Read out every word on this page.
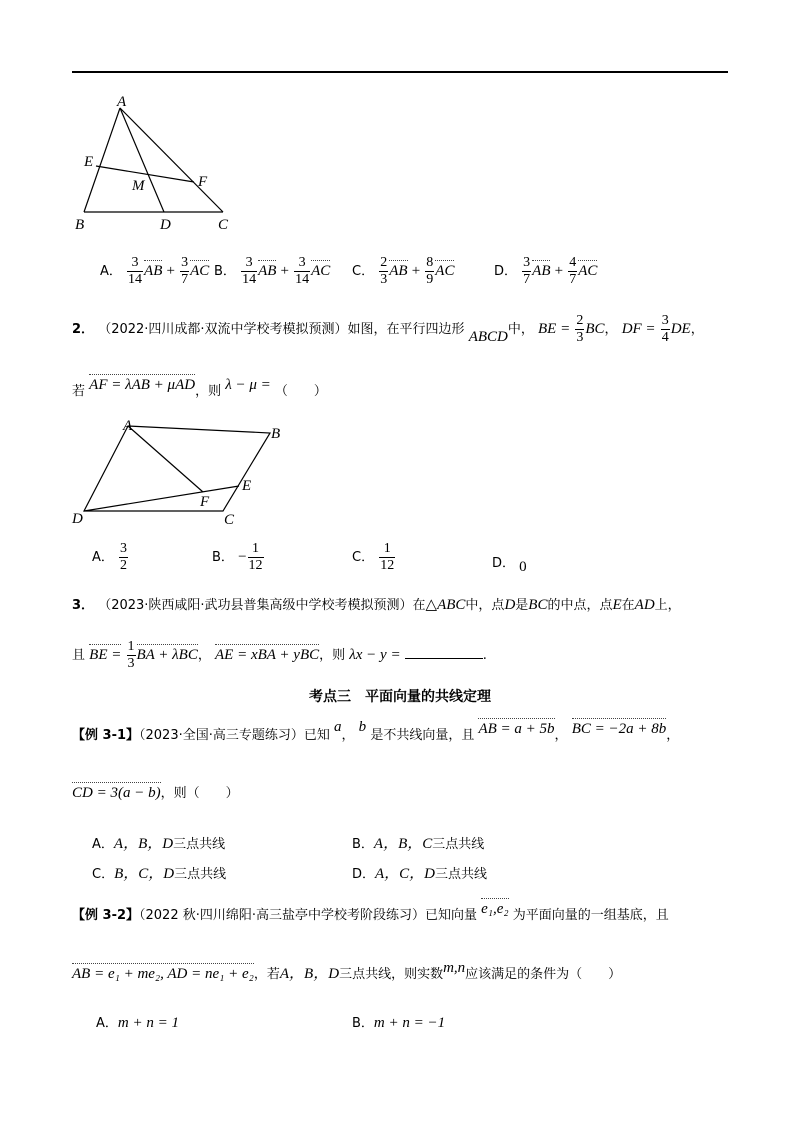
A
E
M	F
B	D	C
A． $\frac{3}{14}$ AB + $\frac{3}{7}$ AC B． $\frac{3}{14}$ AB + $\frac{3}{14}$ AC C． $\frac{2}{3}$ AB + $\frac{8}{9}$ AC	D． $\frac{3}{7}$ AB + $\frac{4}{7}$ AC
2． （2022·四川成都·双流中学校考模拟预测）如图，在平行四边形 ABCD中， BE = $\frac{2}{3}$ BC， DF = $\frac{3}{4}$ DE，
若 AF = λAB + μAD，则 λ − μ = （　　）
A	B
D	C
F
E
A． $\frac{3}{2}$	B． − $\frac{1}{12}$	C． $\frac{1}{12}$	D． 0
3． （2023·陕西咸阳·武功县普集高级中学校考模拟预测）在△ABC中，点D是BC的中点，点E在AD上，
且 BE = $\frac{1}{3}$ BA + λBC， AE = xBA + yBC，则 λx − y =	.
考点三　平面向量的共线定理
【例 3-1】（2023·全国·高三专题练习）已知 a， b 是不共线向量，且 AB = a + 5b， BC = −2a + 8b，
CD = 3(a − b)，则（　　）
A．A，B，D三点共线	B．A，B，C三点共线
C．B，C，D三点共线	D．A，C，D三点共线
【例 3-2】（2022 秋·四川绵阳·高三盐亭中学校考阶段练习）已知向量 e₁,e₂ 为平面向量的一组基底，且
AB = e₁ + me₂, AD = ne₁ + e₂，若A，B，D三点共线，则实数m,n应该满足的条件为（　　）
A．m + n = 1	B．m + n = −1
